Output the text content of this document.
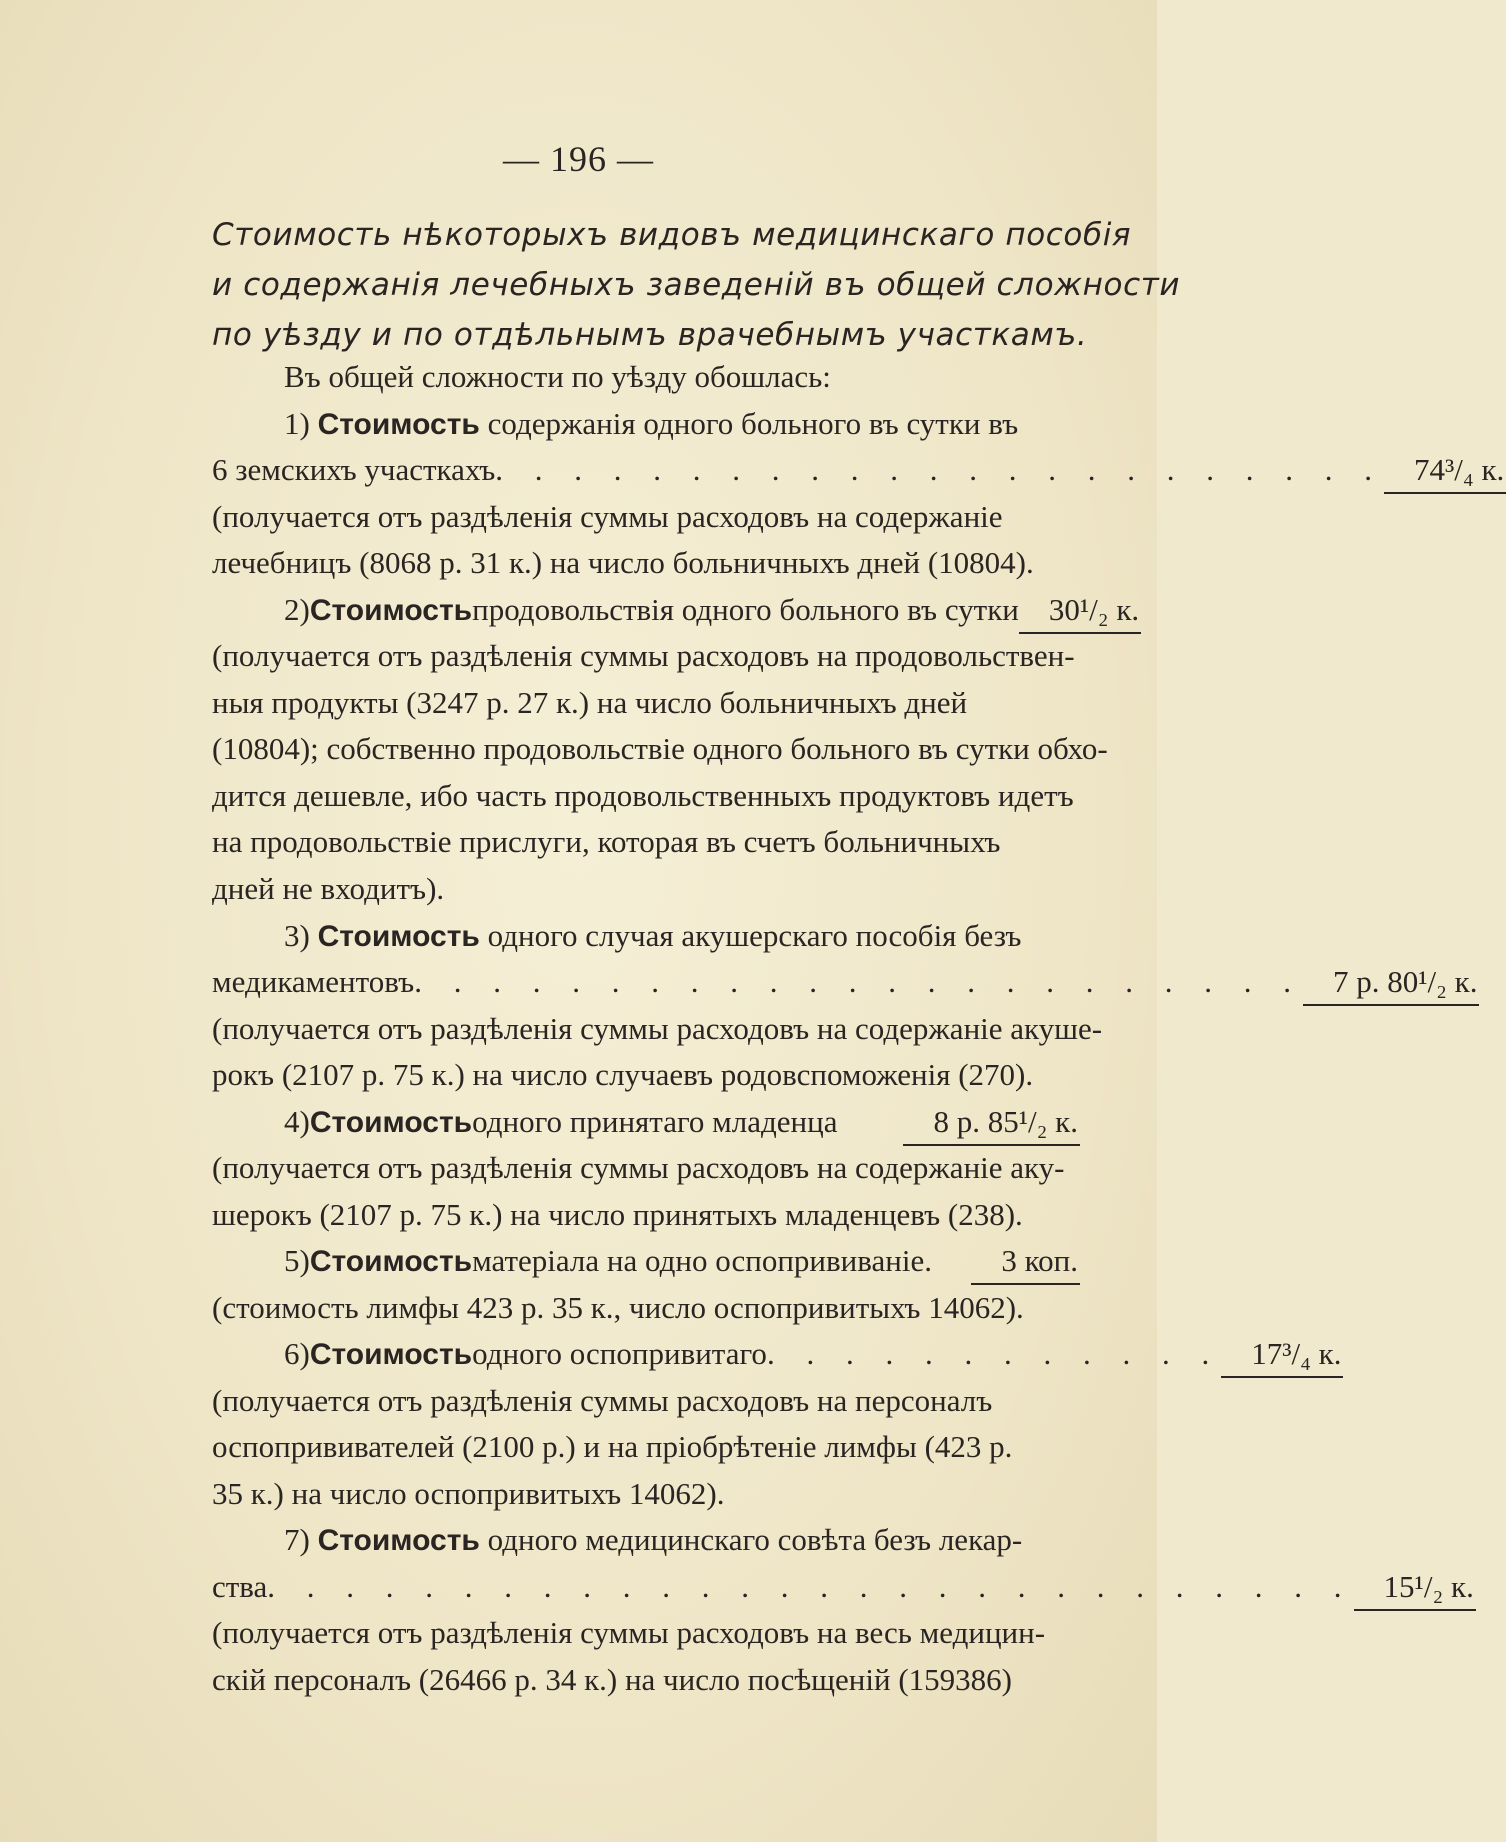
— 196 —
Стоимость нѣкоторыхъ видовъ медицинскаго пособія
и содержанія лечебныхъ заведеній въ общей сложности
по уѣзду и по отдѣльнымъ врачебнымъ участкамъ.
Въ общей сложности по уѣзду обошлась:
1) Стоимость содержанія одного больного въ сутки въ
6 земскихъ участкахъ . . . . . . . . . . . . . . . . . . . . . . . 74³/₄ к.
(получается отъ раздѣленія суммы расходовъ на содержаніе
лечебницъ (8068 р. 31 к.) на число больничныхъ дней (10804).
2) Стоимость продовольствія одного больного въ сутки 30¹/₂ к.
(получается отъ раздѣленія суммы расходовъ на продовольствен-
ныя продукты (3247 р. 27 к.) на число больничныхъ дней
(10804); собственно продовольствіе одного больного въ сутки обхо-
дится дешевле, ибо часть продовольственныхъ продуктовъ идетъ
на продовольствіе прислуги, которая въ счетъ больничныхъ
дней не входитъ).
3) Стоимость одного случая акушерскаго пособія безъ
медикаментовъ . . . . . . . . . . . . . . . . . . . . . . . 7 р. 80¹/₂ к.
(получается отъ раздѣленія суммы расходовъ на содержаніе акуше-
рокъ (2107 р. 75 к.) на число случаевъ родовспоможенія (270).
4) Стоимость одного принятаго младенца	8 р. 85¹/₂ к.
(получается отъ раздѣленія суммы расходовъ на содержаніе аку-
шерокъ (2107 р. 75 к.) на число принятыхъ младенцевъ (238).
5) Стоимость матеріала на одно оспопрививаніе .	3 коп.
(стоимость лимфы 423 р. 35 к., число оспопривитыхъ 14062).
6) Стоимость одного оспопривитаго . . . . . . . . . . . . 17³/₄ к.
(получается отъ раздѣленія суммы расходовъ на персоналъ
оспопрививателей (2100 р.) и на пріобрѣтеніе лимфы (423 р.
35 к.) на число оспопривитыхъ 14062).
7) Стоимость одного медицинскаго совѣта безъ лекар-
ства . . . . . . . . . . . . . . . . . . . . . . . . . . . . 15¹/₂ к.
(получается отъ раздѣленія суммы расходовъ на весь медицин-
скій персоналъ (26466 р. 34 к.) на число посѣщеній (159386)
